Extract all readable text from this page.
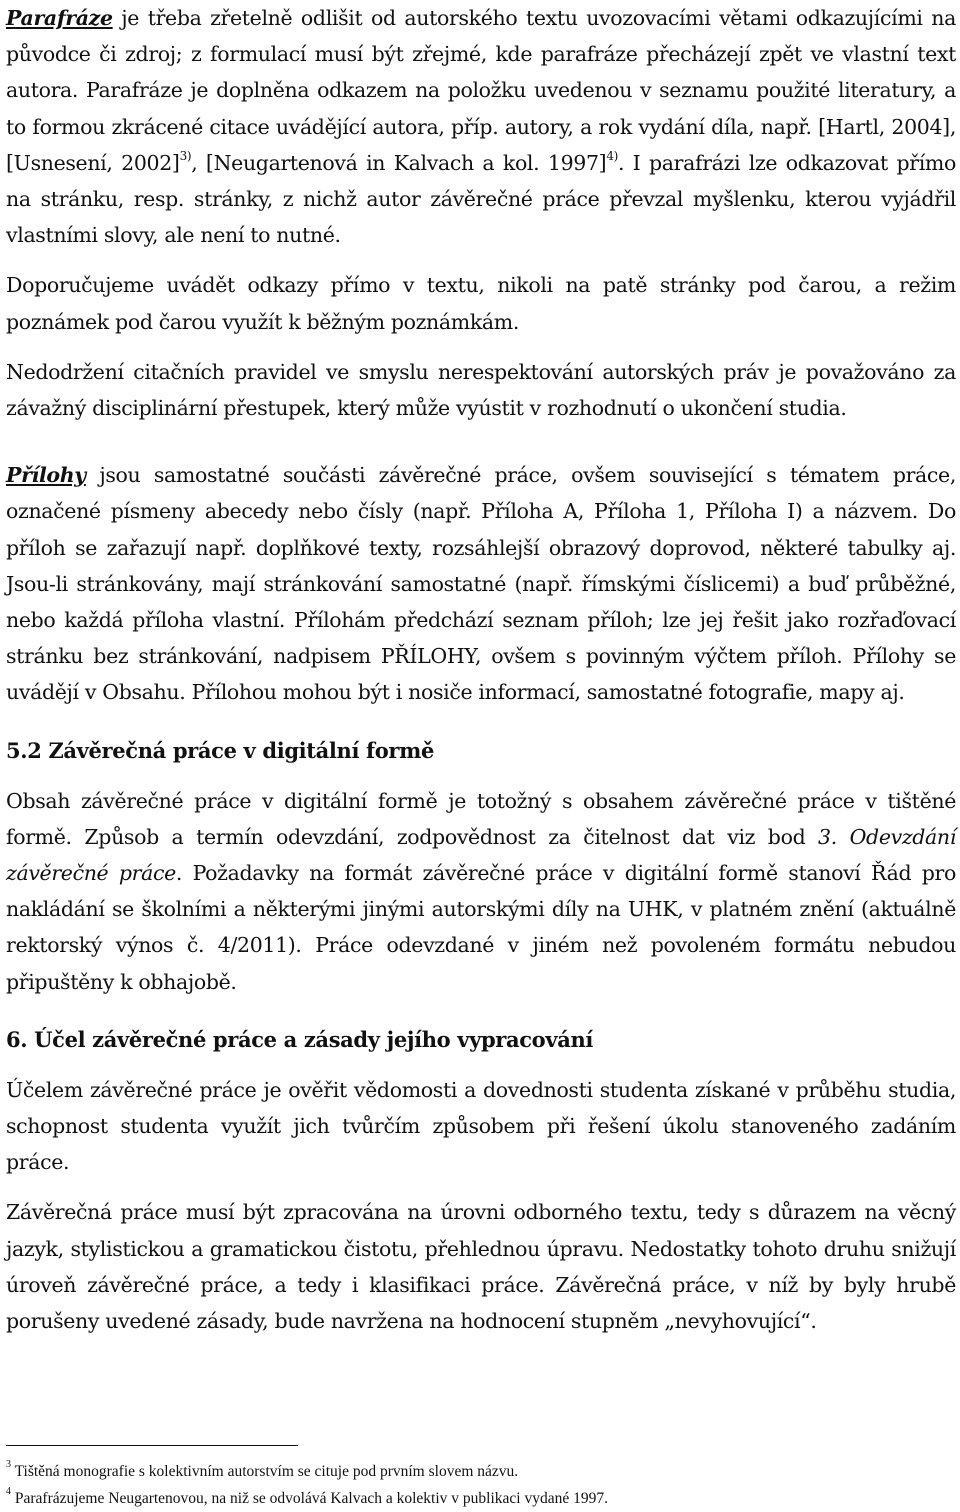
Parafráze je třeba zřetelně odlišit od autorského textu uvozovacími větami odkazujícími na původce či zdroj; z formulací musí být zřejmé, kde parafráze přecházejí zpět ve vlastní text autora. Parafráze je doplněna odkazem na položku uvedenou v seznamu použité literatury, a to formou zkrácené citace uvádějící autora, příp. autory, a rok vydání díla, např. [Hartl, 2004], [Usnesení, 2002]$^{3)}$, [Neugartenová in Kalvach a kol. 1997]$^{4)}$. I parafrázi lze odkazovat přímo na stránku, resp. stránky, z nichž autor závěrečné práce převzal myšlenku, kterou vyjádřil vlastními slovy, ale není to nutné.

Doporučujeme uvádět odkazy přímo v textu, nikoli na patě stránky pod čarou, a režim poznámek pod čarou využít k běžným poznámkám.

Nedodržení citačních pravidel ve smyslu nerespektování autorských práv je považováno za závažný disciplinární přestupek, který může vyústit v rozhodnutí o ukončení studia.

Přílohy jsou samostatné součásti závěrečné práce, ovšem související s tématem práce, označené písmeny abecedy nebo čísly (např. Příloha A, Příloha 1, Příloha I) a názvem. Do příloh se zařazují např. doplňkové texty, rozsáhlejší obrazový doprovod, některé tabulky aj. Jsou-li stránkovány, mají stránkování samostatné (např. římskými číslicemi) a buď průběžné, nebo každá příloha vlastní. Přílohám předchází seznam příloh; lze jej řešit jako rozřaďovací stránku bez stránkování, nadpisem PŘÍLOHY, ovšem s povinným výčtem příloh. Přílohy se uvádějí v Obsahu. Přílohou mohou být i nosiče informací, samostatné fotografie, mapy aj.

5.2 Závěrečná práce v digitální formě

Obsah závěrečné práce v digitální formě je totožný s obsahem závěrečné práce v tištěné formě. Způsob a termín odevzdání, zodpovědnost za čitelnost dat viz bod 3. Odevzdání závěrečné práce. Požadavky na formát závěrečné práce v digitální formě stanoví Řád pro nakládání se školními a některými jinými autorskými díly na UHK, v platném znění (aktuálně rektorský výnos č. 4/2011). Práce odevzdané v jiném než povoleném formátu nebudou připuštěny k obhajobě.

6. Účel závěrečné práce a zásady jejího vypracování

Účelem závěrečné práce je ověřit vědomosti a dovednosti studenta získané v průběhu studia, schopnost studenta využít jich tvůrčím způsobem při řešení úkolu stanoveného zadáním práce.

Závěrečná práce musí být zpracována na úrovni odborného textu, tedy s důrazem na věcný jazyk, stylistickou a gramatickou čistotu, přehlednou úpravu. Nedostatky tohoto druhu snižují úroveň závěrečné práce, a tedy i klasifikaci práce. Závěrečná práce, v níž by byly hrubě porušeny uvedené zásady, bude navržena na hodnocení stupněm „nevyhovující“.

$^3$ Tištěná monografie s kolektivním autorstvím se cituje pod prvním slovem názvu.

$^4$ Parafrázujeme Neugartenovou, na niž se odvolává Kalvach a kolektiv v publikaci vydané 1997.
